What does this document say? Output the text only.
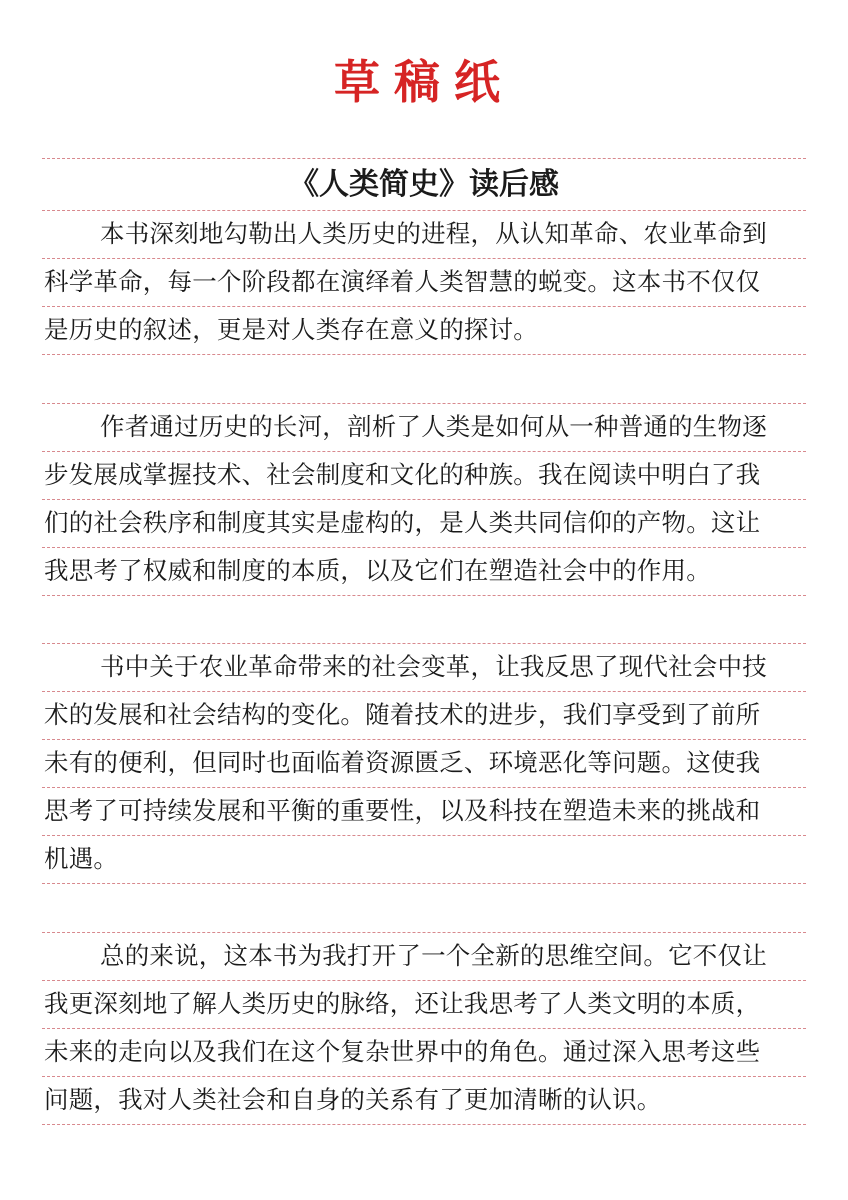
草稿纸
《人类简史》读后感
本书深刻地勾勒出人类历史的进程，从认知革命、农业革命到
科学革命，每一个阶段都在演绎着人类智慧的蜕变。这本书不仅仅
是历史的叙述，更是对人类存在意义的探讨。
作者通过历史的长河，剖析了人类是如何从一种普通的生物逐
步发展成掌握技术、社会制度和文化的种族。我在阅读中明白了我
们的社会秩序和制度其实是虚构的，是人类共同信仰的产物。这让
我思考了权威和制度的本质，以及它们在塑造社会中的作用。
书中关于农业革命带来的社会变革，让我反思了现代社会中技
术的发展和社会结构的变化。随着技术的进步，我们享受到了前所
未有的便利，但同时也面临着资源匮乏、环境恶化等问题。这使我
思考了可持续发展和平衡的重要性，以及科技在塑造未来的挑战和
机遇。
总的来说，这本书为我打开了一个全新的思维空间。它不仅让
我更深刻地了解人类历史的脉络，还让我思考了人类文明的本质，
未来的走向以及我们在这个复杂世界中的角色。通过深入思考这些
问题，我对人类社会和自身的关系有了更加清晰的认识。
